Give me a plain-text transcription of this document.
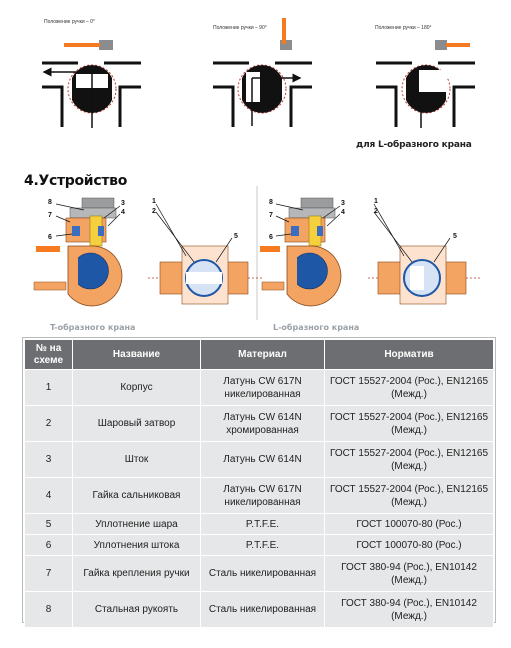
Положение ручки – 0°
Положение ручки – 90°	Положение ручки – 180°
для L-образного крана
4.Устройство
8	3
7	4
6
2
1
5
8	3
7	4
6
2
1
5
T-образного крана	L-образного крана
№ на схеме	Название	Материал	Норматив
1	Корпус	Латунь CW 617N никелированная	ГОСТ 15527-2004 (Рос.), EN12165 (Межд.)
2	Шаровый затвор	Латунь CW 614N хромированная	ГОСТ 15527-2004 (Рос.), EN12165 (Межд.)
3	Шток	Латунь CW 614N	ГОСТ 15527-2004 (Рос.), EN12165 (Межд.)
4	Гайка сальниковая	Латунь CW 617N никелированная	ГОСТ 15527-2004 (Рос.), EN12165 (Межд.)
5	Уплотнение шара	P.T.F.E.	ГОСТ 100070-80 (Рос.)
6	Уплотнения штока	P.T.F.E.	ГОСТ 100070-80 (Рос.)
7	Гайка крепления ручки	Сталь никелированная	ГОСТ 380-94 (Рос.), EN10142 (Межд.)
8	Стальная рукоять	Сталь никелированная	ГОСТ 380-94 (Рос.), EN10142 (Межд.)
